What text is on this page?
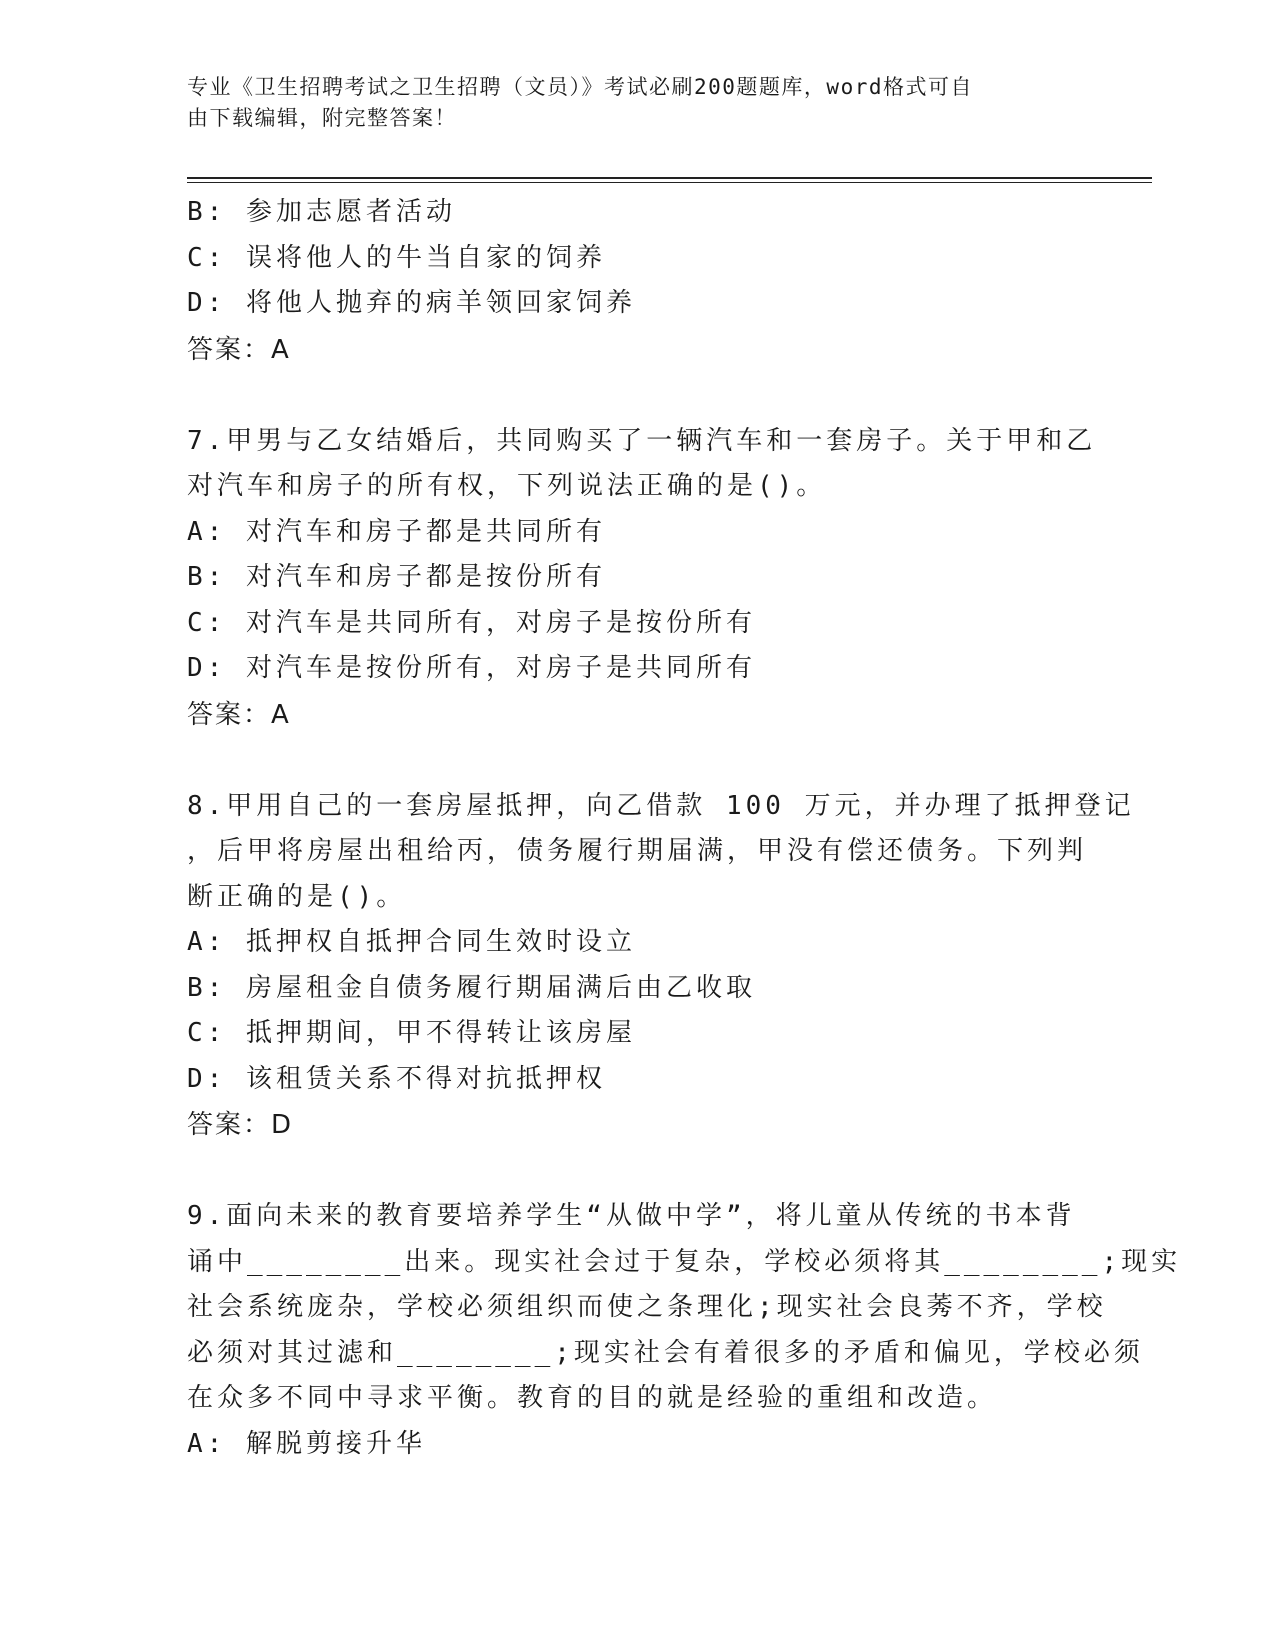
专业《卫生招聘考试之卫生招聘（文员）》考试必刷200题题库，word格式可自
由下载编辑，附完整答案！
B: 参加志愿者活动
C: 误将他人的牛当自家的饲养
D: 将他人抛弃的病羊领回家饲养
答案：A
7.甲男与乙女结婚后，共同购买了一辆汽车和一套房子。关于甲和乙
对汽车和房子的所有权，下列说法正确的是()。
A: 对汽车和房子都是共同所有
B: 对汽车和房子都是按份所有
C: 对汽车是共同所有，对房子是按份所有
D: 对汽车是按份所有，对房子是共同所有
答案：A
8.甲用自己的一套房屋抵押，向乙借款 100 万元，并办理了抵押登记
，后甲将房屋出租给丙，债务履行期届满，甲没有偿还债务。下列判
断正确的是()。
A: 抵押权自抵押合同生效时设立
B: 房屋租金自债务履行期届满后由乙收取
C: 抵押期间，甲不得转让该房屋
D: 该租赁关系不得对抗抵押权
答案：D
9.面向未来的教育要培养学生“从做中学”，将儿童从传统的书本背
诵中________出来。现实社会过于复杂，学校必须将其________;现实
社会系统庞杂，学校必须组织而使之条理化;现实社会良莠不齐，学校
必须对其过滤和________;现实社会有着很多的矛盾和偏见，学校必须
在众多不同中寻求平衡。教育的目的就是经验的重组和改造。
A: 解脱剪接升华
